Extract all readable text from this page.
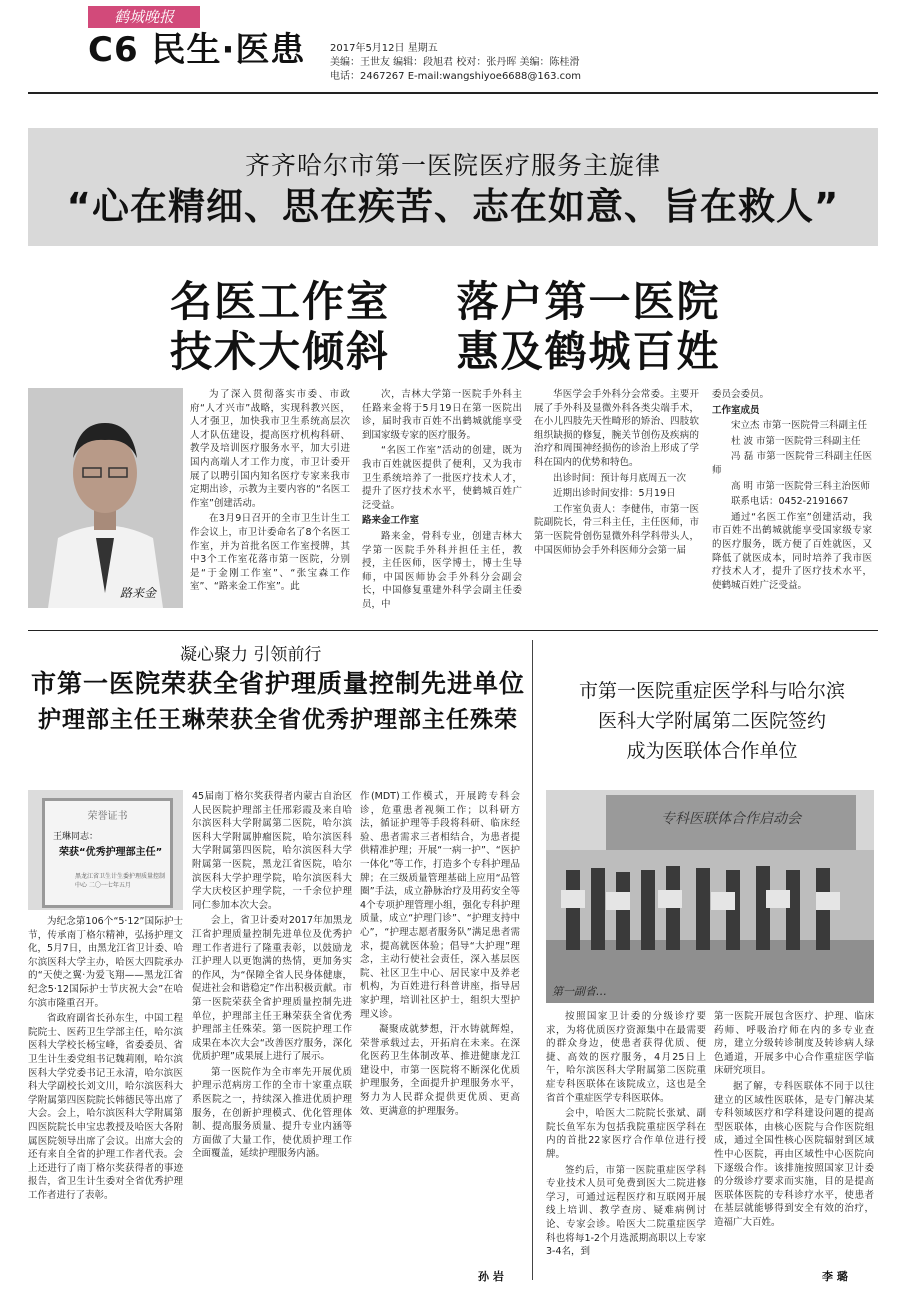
鹤城晚报
C6 民生·医患 2017年5月12日 星期五
美编：王世友 编辑：段旭君 校对：张丹晖 美编：陈桂滑
电话：2467267 E-mail:wangshiyoe6688@163.com
齐齐哈尔市第一医院医疗服务主旋律
“心在精细、思在疾苦、志在如意、旨在救人”
名医工作室    落户第一医院
技术大倾斜    惠及鹤城百姓
路来金

为了深入贯彻落实市委、市政府“人才兴市”战略，实现科教兴医，人才强卫，加快我市卫生系统高层次人才队伍建设，提高医疗机构科研、教学及培训医疗服务水平，加大引进国内高端人才工作力度，市卫计委开展了以聘引国内知名医疗专家来我市定期出诊，示教为主要内容的“名医工作室”创建活动。

在3月9日召开的全市卫生计生工作会议上，市卫计委命名了8个名医工作室，并为首批名医工作室授牌，其中3个工作室花落市第一医院，分别是“于金刚工作室”、“张宝森工作室”、“路来金工作室”。此

次，吉林大学第一医院手外科主任路来金将于5月19日在第一医院出诊，届时我市百姓不出鹤城就能享受到国家级专家的医疗服务。

“名医工作室”活动的创建，既为我市百姓就医提供了便利，又为我市卫生系统培养了一批医疗技术人才，提升了医疗技术水平，使鹤城百姓广泛受益。

路来金工作室

路来金，骨科专业，创建吉林大学第一医院手外科并担任主任，教授，主任医师，医学博士，博士生导师，中国医师协会手外科分会副会长，中国修复重建外科学会副主任委员，中

华医学会手外科分会常委。主要开展了手外科及显微外科各类尖端手术，在小儿四肢先天性畸形的矫治、四肢软组织缺损的修复，腕关节创伤及疾病的治疗和周围神经损伤的诊治上形成了学科在国内的优势和特色。

出诊时间：预计每月底周五一次

近期出诊时间安排：5月19日

工作室负责人：李健伟，市第一医院副院长，骨三科主任，主任医师，市第一医院骨创伤显微外科学科带头人，中国医师协会手外科医师分会第一届

委员会委员。

工作室成员

宋立杰 市第一医院骨三科副主任

杜 波 市第一医院骨三科副主任

冯 磊 市第一医院骨三科副主任医师

高 明 市第一医院骨三科主治医师

联系电话：0452-2191667

通过“名医工作室”创建活动，我市百姓不出鹤城就能享受国家级专家的医疗服务，既方便了百姓就医，又降低了就医成本，同时培养了我市医疗技术人才，提升了医疗技术水平，使鹤城百姓广泛受益。

凝心聚力 引领前行
市第一医院荣获全省护理质量控制先进单位
护理部主任王琳荣获全省优秀护理部主任殊荣
荣誉证书
王琳同志：
荣获“优秀护理部主任”
黑龙江省卫生计生委护理质量控制中心 二〇一七年五月

为纪念第106个“5·12”国际护士节，传承南丁格尔精神，弘扬护理文化，5月7日，由黑龙江省卫计委、哈尔滨医科大学主办，哈医大四院承办的“天使之翼·为爱飞翔——黑龙江省纪念5·12国际护士节庆祝大会”在哈尔滨市隆重召开。

省政府副省长孙东生，中国工程院院士、医药卫生学部主任，哈尔滨医科大学校长杨宝峰，省委委员、省卫生计生委党组书记魏莉刚，哈尔滨医科大学党委书记王永清，哈尔滨医科大学副校长刘文川，哈尔滨医科大学附属第四医院院长韩德民等出席了大会。会上，哈尔滨医科大学附属第四医院院长申宝忠教授及哈医大各附属医院领导出席了会议。出席大会的还有来自全省的护理工作者代表。会上还进行了南丁格尔奖获得者的事迹报告，省卫生计生委对全省优秀护理工作者进行了表彰。

45届南丁格尔奖获得者内蒙古自治区人民医院护理部主任邢彩霞及来自哈尔滨医科大学附属第二医院，哈尔滨医科大学附属肿瘤医院，哈尔滨医科大学附属第四医院，哈尔滨医科大学附属第一医院，黑龙江省医院，哈尔滨医科大学护理学院，哈尔滨医科大学大庆校区护理学院，一千余位护理同仁参加本次大会。

会上，省卫计委对2017年加黑龙江省护理质量控制先进单位及优秀护理工作者进行了隆重表彰，以鼓励龙江护理人以更饱满的热情，更加务实的作风，为“保障全省人民身体健康，促进社会和谐稳定”作出积极贡献。市第一医院荣获全省护理质量控制先进单位，护理部主任王琳荣获全省优秀护理部主任殊荣。第一医院护理工作成果在本次大会“改善医疗服务，深化优质护理”成果展上进行了展示。

第一医院作为全市率先开展优质护理示范病房工作的全市十家重点联系医院之一，持续深入推进优质护理服务，在创新护理模式、优化管理体制、提高服务质量、提升专业内涵等方面做了大量工作，使优质护理工作全面覆盖，延续护理服务内涵。

作(MDT)工作模式，开展跨专科会诊，危重患者视频工作；以科研方法，循证护理等手段将科研、临床经验、患者需求三者相结合，为患者提供精准护理；开展“一病一护”、“医护一体化”等工作，打造多个专科护理品牌；在三级质量管理基础上应用“品管圈”手法，成立静脉治疗及用药安全等4个专项护理管理小组，强化专科护理质量，成立“护理门诊”、“护理支持中心”，“护理志愿者服务队”满足患者需求，提高就医体验；倡导“大护理”理念，主动行使社会责任，深入基层医院、社区卫生中心、居民家中及养老机构，为百姓进行科普讲座，指导居家护理，培训社区护士，组织大型护理义诊。

凝聚成就梦想，汗水铸就辉煌，荣誉承载过去，开拓肩在未来。在深化医药卫生体制改革、推进健康龙江建设中，市第一医院将不断深化优质护理服务，全面提升护理服务水平，努力为人民群众提供更优质、更高效、更满意的护理服务。

孙 岩
市第一医院重症医学科与哈尔滨
医科大学附属第二医院签约
成为医联体合作单位
专科医联体合作启动会
第一副省…

按照国家卫计委的分级诊疗要求，为将优质医疗资源集中在最需要的群众身边，使患者获得优质、便捷、高效的医疗服务，4月25日上午，哈尔滨医科大学附属第二医院重症专科医联体在该院成立，这也是全省首个重症医学专科医联体。

会中，哈医大二院院长张斌、副院长鱼军东为包括我院重症医学科在内的首批22家医疗合作单位进行授牌。

签约后，市第一医院重症医学科专业技术人员可免费到医大二院进修学习，可通过远程医疗和互联网开展线上培训、教学查房、疑难病例讨论、专家会诊。哈医大二院重症医学科也将每1-2个月选派期高职以上专家3-4名，到

第一医院开展包含医疗、护理、临床药师、呼吸治疗师在内的多专业查房，建立分级转诊制度及转诊病人绿色通道，开展多中心合作重症医学临床研究项目。

据了解，专科医联体不同于以往建立的区域性医联体，是专门解决某专科领域医疗和学科建设问题的提高型医联体，由核心医院与合作医院组成，通过全国性核心医院辐射到区域性中心医院，再由区域性中心医院向下逐级合作。该排施按照国家卫计委的分级诊疗要求而实施，目的是提高医联体医院的专科诊疗水平，使患者在基层就能够得到安全有效的治疗，造福广大百姓。

李 璐
